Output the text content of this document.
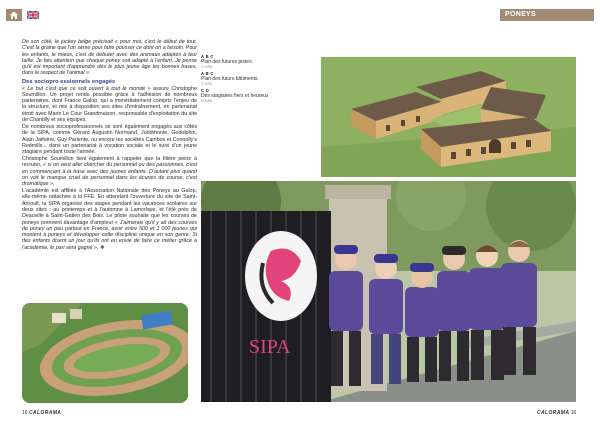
PONEYS

De son côté, le jockey belge précisait « pour moi, c'est le début de tout. C'est la graine que l'on sème pour faire pousser ce dont on a besoin. Pour les enfants, le mieux, c'est de débuter avec des animaux adaptés à leur taille. Je fais attention que chaque poney soit adapté à l'enfant. Je pense qu'il est important d'apprendre dès le plus jeune âge les bonnes bases, dans le respect de l'animal ».

Des sociopro essionnels engagés

« Le but c'est que ce soit ouvert à tout le monde » assure Christophe Soumillon. Un projet rendu possible grâce à l'adhésion de nombreux partenaires, dont France Galop, qui a immédiatement compris l'enjeu de la structure, et mis à disposition ses sites d'entraînement, en partenariat étroit avec Marin Le Cour Grandmaison, responsable d'exploitation du site de Chantilly et ses équipes.

De nombreux socioprofessionnels se sont également engagés aux côtés de la SIPA, comme Gérard Augustin Normand, Juddmonte, Godolphin, Alain Jathière, Guy Pariente, ou encore les sociétés Cambox et Connolly's Redmills... dans un partenariat à vocation sociale et le suivi d'un jeune stagiaire pendant toute l'année.

Christophe Soumillon tient également à rappeler que la filière peine à recruter, « si on veut aller chercher du personnel ou des passionnés, c'est en commençant à la base avec des jeunes enfants. D'autant plus quand on voit le manque cruel de personnel dans les écuries de course, c'est dramatique ».

L'académie est affiliée à l'Association Nationale des Poneys au Galop, elle-même rattachée à la FFE. En attendant l'ouverture du site de Saint-Arnoult, la SIPA organise des stages pendant les vacances scolaires sur deux sites : au printemps et à l'automne à Lamorlaye, et l'été près de Deauville à Saint-Gatien des Bois. Le pilote souhaite que les courses de poneys prennent davantage d'ampleur « J'aimerais qu'il y ait des courses de poney un peu partout en France, avoir entre 500 et 1 000 jeunes qui montent à poneys et développer cette discipline unique en son genre. Si des enfants disent un jour qu'ils ont eu envie de faire ce métier grâce à l'académie, le pari sera gagné ». ❖

A B C
Plan des futures pistes.
© SIPA
A B C
Plan des futurs bâtiments.
© SIPA
C D
Des stagiaires fiers et heureux
© SIPA
SIPA
16 CALORAMA	CALORAMA 16
